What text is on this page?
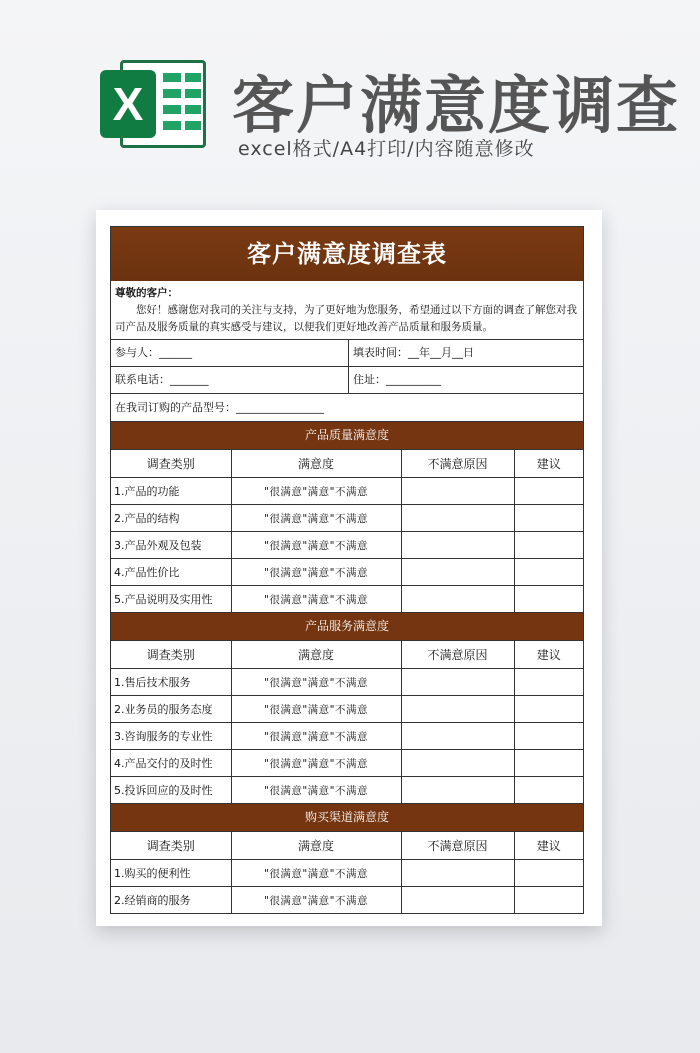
X 客户满意度调查
excel格式/A4打印/内容随意修改
客户满意度调查表
尊敬的客户：
您好！感谢您对我司的关注与支持，为了更好地为您服务，希望通过以下方面的调查了解您对我司产品及服务质量的真实感受与建议，以便我们更好地改善产品质量和服务质量。
参与人：______	填表时间：__年__月__日
联系电话：_______	住址：__________
在我司订购的产品型号：________________
产品质量满意度
调查类别	满意度	不满意原因	建议
1.产品的功能	"很满意"满意"不满意		
2.产品的结构	"很满意"满意"不满意		
3.产品外观及包装	"很满意"满意"不满意		
4.产品性价比	"很满意"满意"不满意		
5.产品说明及实用性	"很满意"满意"不满意		
产品服务满意度
调查类别	满意度	不满意原因	建议
1.售后技术服务	"很满意"满意"不满意		
2.业务员的服务态度	"很满意"满意"不满意		
3.咨询服务的专业性	"很满意"满意"不满意		
4.产品交付的及时性	"很满意"满意"不满意		
5.投诉回应的及时性	"很满意"满意"不满意		
购买渠道满意度
调查类别	满意度	不满意原因	建议
1.购买的便利性	"很满意"满意"不满意		
2.经销商的服务	"很满意"满意"不满意		
